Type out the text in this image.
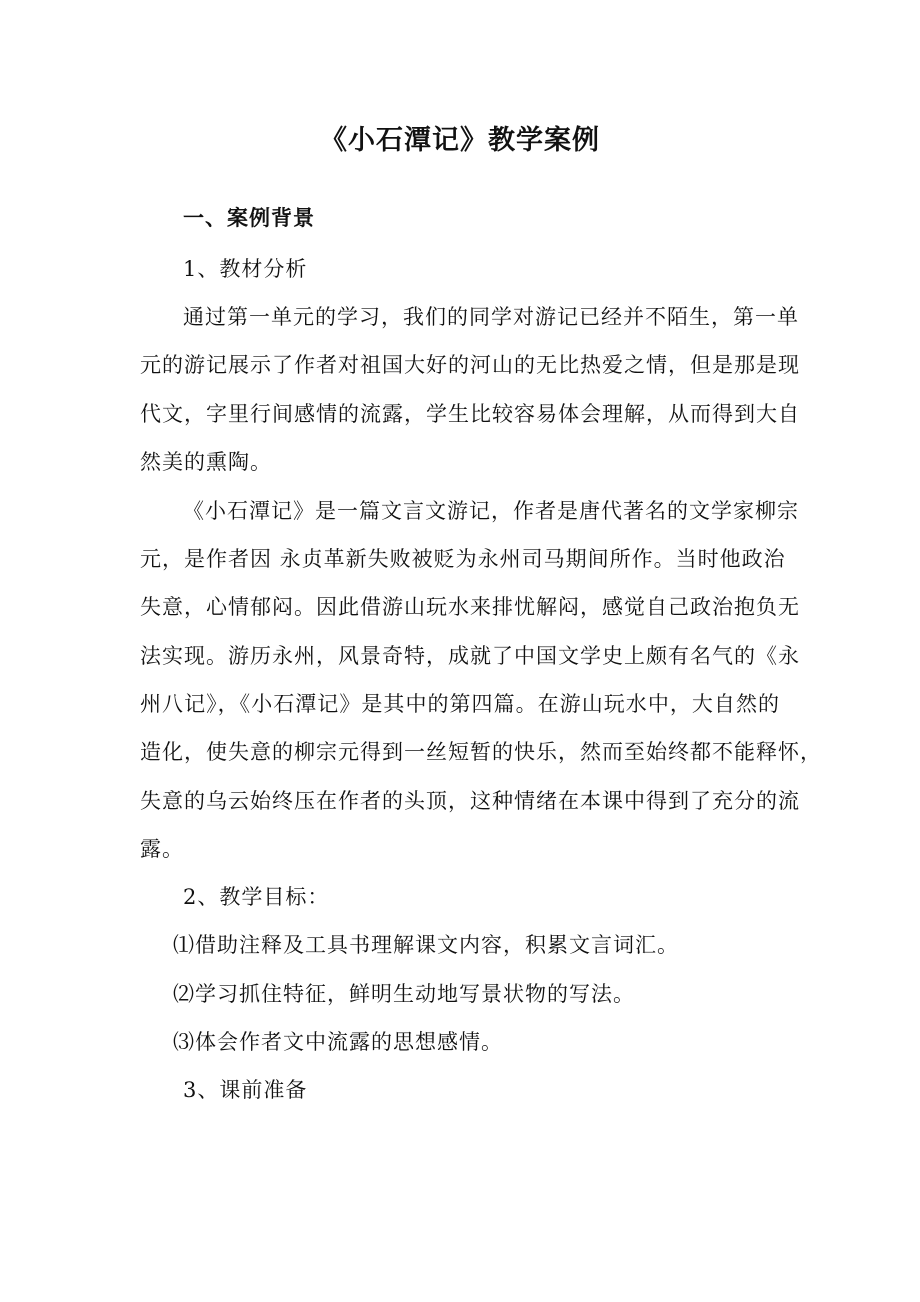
《小石潭记》教学案例
一、案例背景
1、教材分析
通过第一单元的学习，我们的同学对游记已经并不陌生，第一单
元的游记展示了作者对祖国大好的河山的无比热爱之情，但是那是现
代文，字里行间感情的流露，学生比较容易体会理解，从而得到大自
然美的熏陶。
《小石潭记》是一篇文言文游记，作者是唐代著名的文学家柳宗
元，是作者因 永贞革新失败被贬为永州司马期间所作。当时他政治
失意，心情郁闷。因此借游山玩水来排忧解闷，感觉自己政治抱负无
法实现。游历永州，风景奇特，成就了中国文学史上颇有名气的《永
州八记》，《小石潭记》是其中的第四篇。在游山玩水中，大自然的
造化，使失意的柳宗元得到一丝短暂的快乐，然而至始终都不能释怀，
失意的乌云始终压在作者的头顶，这种情绪在本课中得到了充分的流
露。
2、教学目标：
⑴借助注释及工具书理解课文内容，积累文言词汇。
⑵学习抓住特征，鲜明生动地写景状物的写法。
⑶体会作者文中流露的思想感情。
3、课前准备
